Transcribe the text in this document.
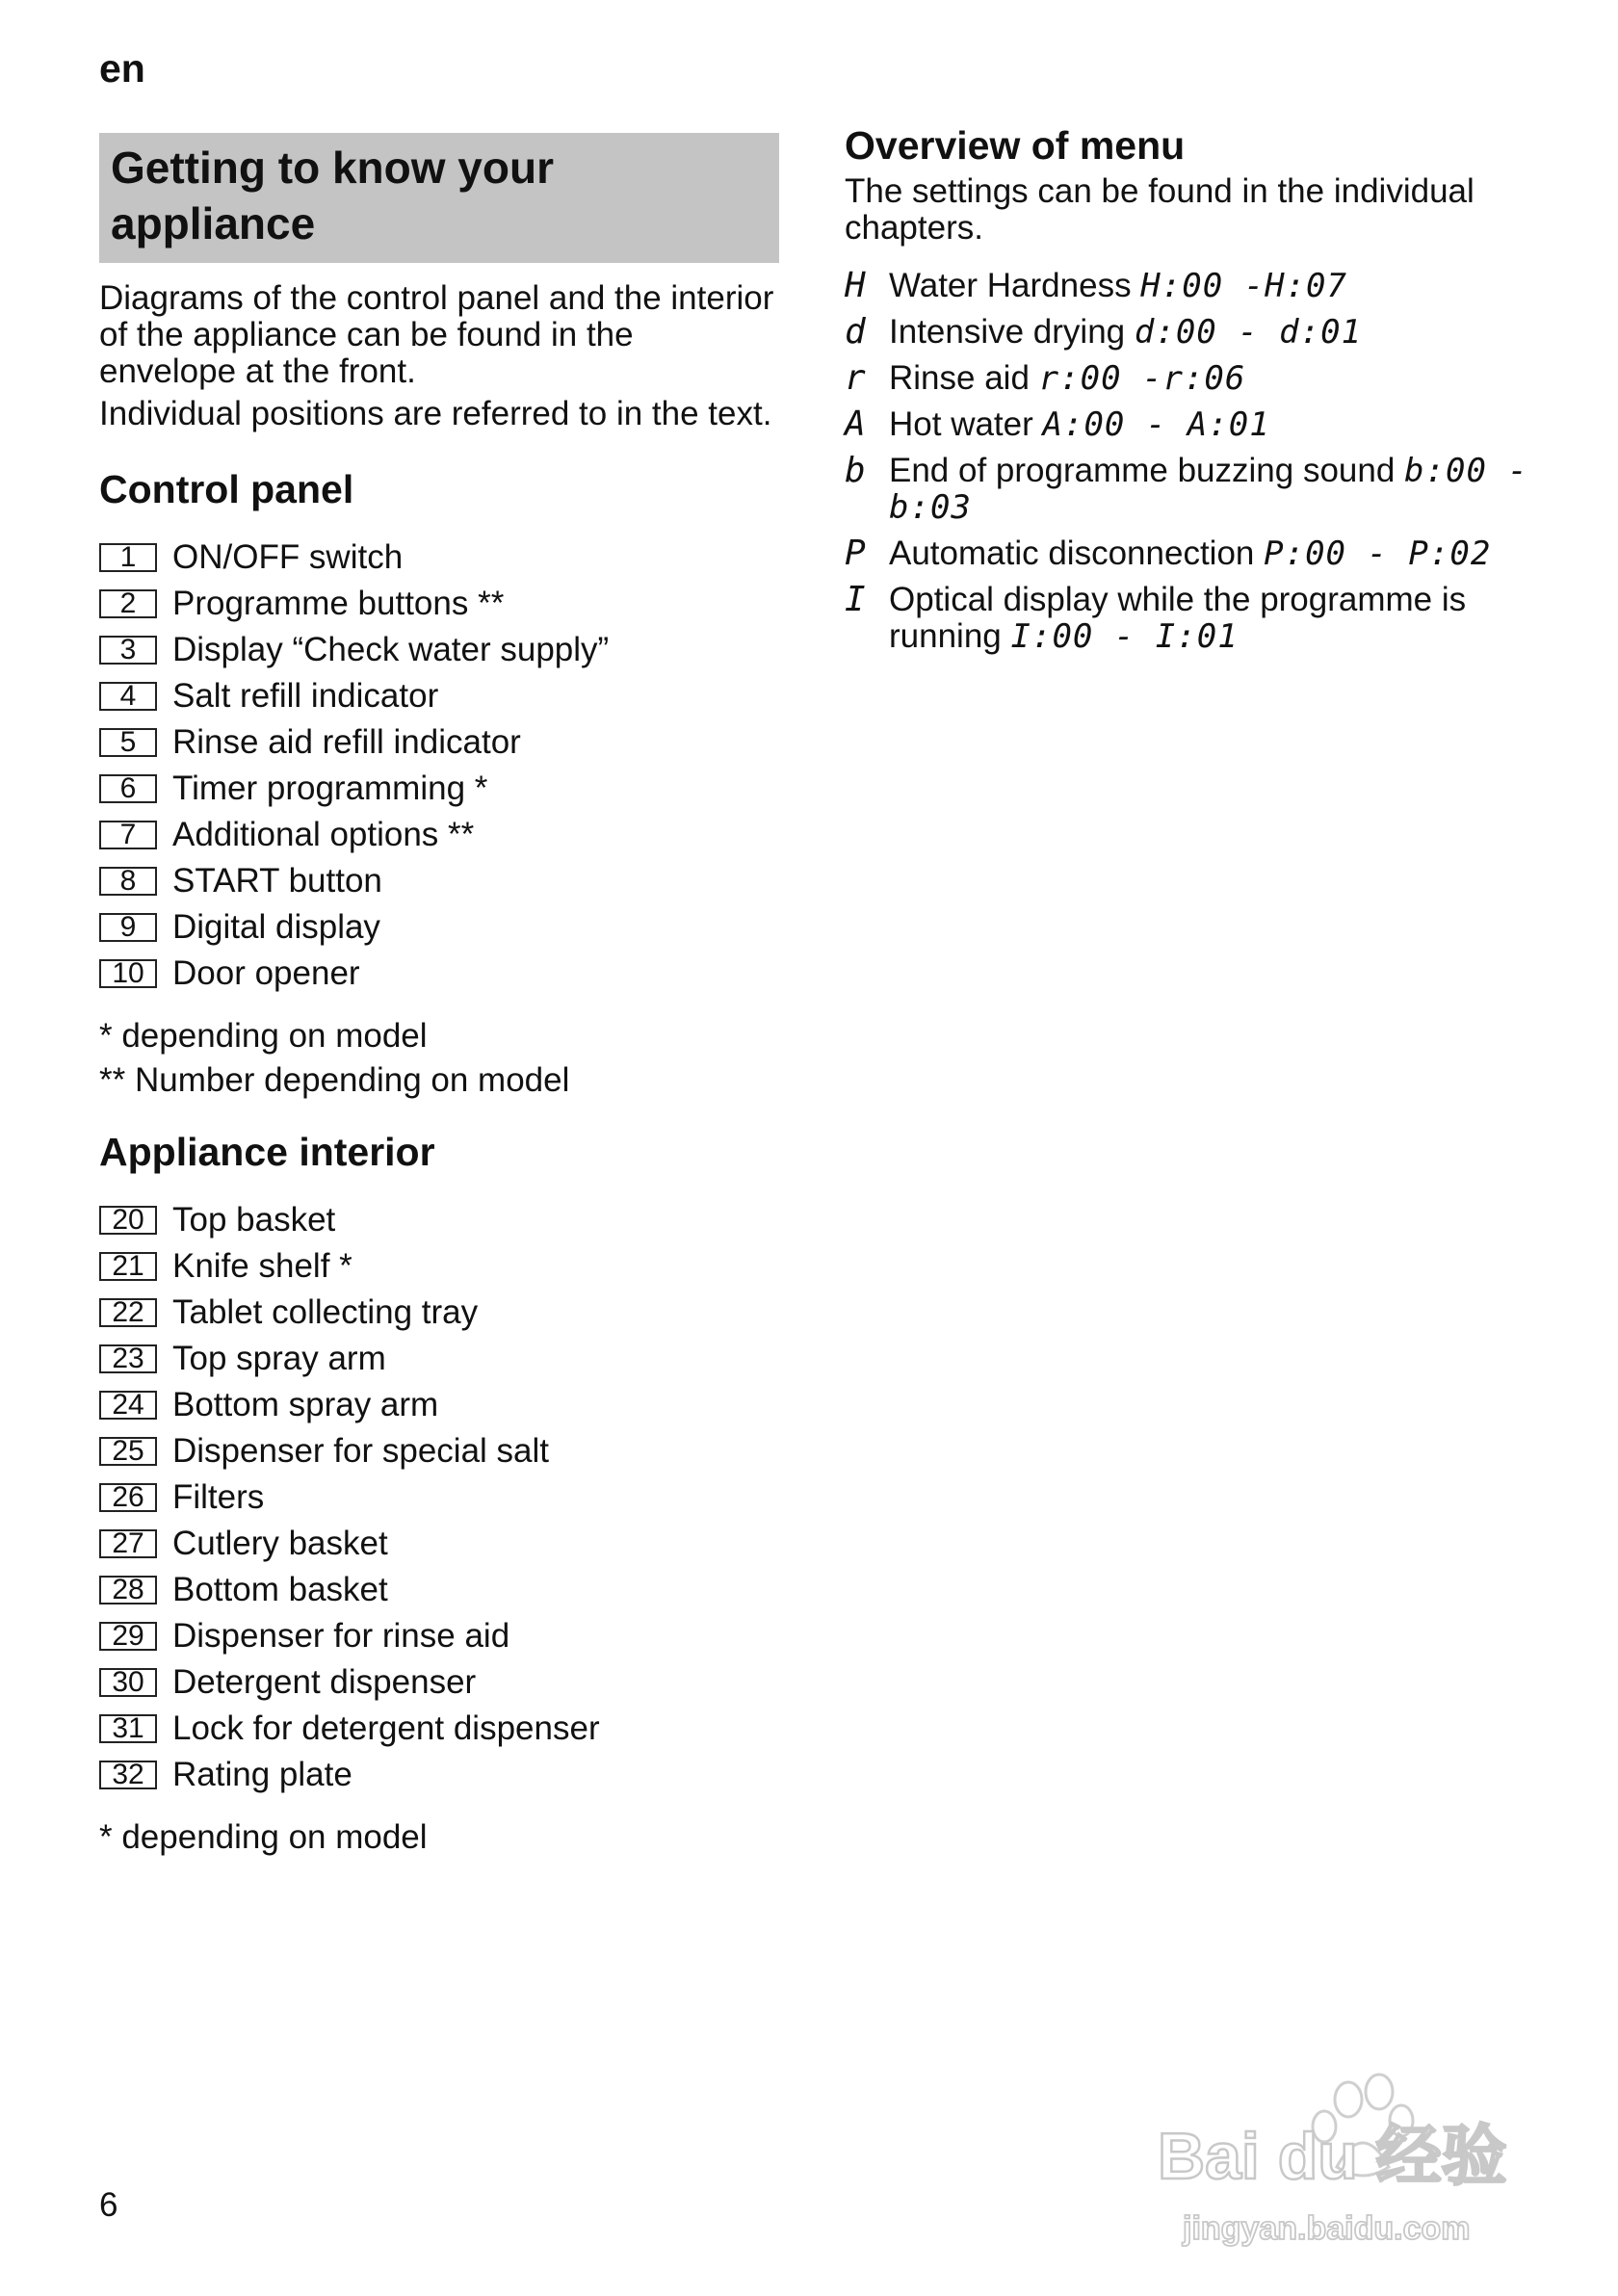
en
Getting to know your appliance

Diagrams of the control panel and the interior of the appliance can be found in the envelope at the front.

Individual positions are referred to in the text.

Control panel
1	ON/OFF switch
2	Programme buttons **
3	Display “Check water supply”
4	Salt refill indicator
5	Rinse aid refill indicator
6	Timer programming *
7	Additional options **
8	START button
9	Digital display
10 Door opener
* depending on model
** Number depending on model
Appliance interior
20 Top basket
21 Knife shelf *
22 Tablet collecting tray
23 Top spray arm
24 Bottom spray arm
25 Dispenser for special salt
26 Filters
27 Cutlery basket
28 Bottom basket
29 Dispenser for rinse aid
30 Detergent dispenser
31 Lock for detergent dispenser
32 Rating plate
* depending on model
Overview of menu
The settings can be found in the individual chapters.
H Water Hardness H:00 -H:07
d Intensive drying d:00 - d:01
r Rinse aid r:00 -r:06
A Hot water A:00 - A:01
b End of programme buzzing sound b:00 - b:03
P Automatic disconnection P:00 - P:02
I Optical display while the programme is running I:00 - I:01
6
Bai du 经验
jingyan.baidu.com
